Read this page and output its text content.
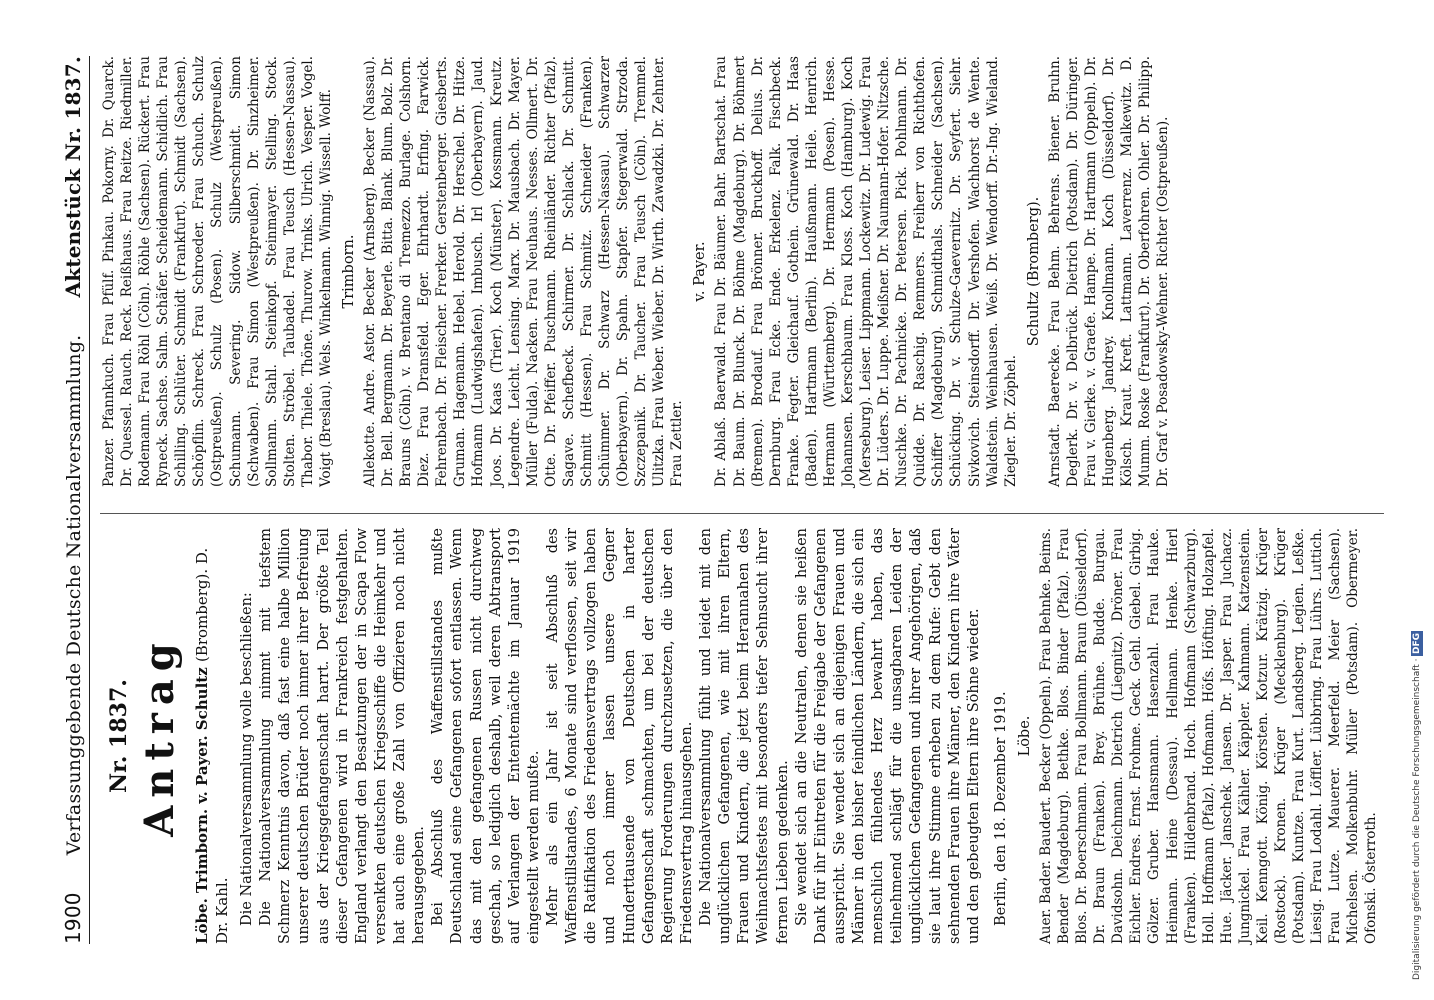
1900
Verfassunggebende Deutsche Nationalversammlung.
Aktenstück Nr. 1837.
Nr. 1837. Antrag Löbe. Trimborn. v. Payer. Schultz (Bromberg). D. Dr. Kahl. Die Nationalversammlung wolle beschließen: Die Nationalversammlung nimmt mit tiefstem Schmerz Kenntnis davon, daß fast eine halbe Million unserer deutschen Brüder noch immer ihrer Befreiung aus der Kriegsgefangenschaft harrt. Der größte Teil dieser Gefangenen wird in Frankreich festgehalten. England verlangt den Besatzungen der in Scapa Flow versenkten deutschen Kriegsschiffe die Heimkehr und hat auch eine große Zahl von Offizieren noch nicht herausgegeben. Bei Abschluß des Waffenstillstandes mußte Deutschland seine Gefangenen sofort entlassen. Wenn das mit den gefangenen Russen nicht durchweg geschah, so lediglich deshalb, weil deren Abtransport auf Verlangen der Ententemächte im Januar 1919 eingestellt werden mußte. Mehr als ein Jahr ist seit Abschluß des Waffenstillstandes, 6 Monate sind verflossen, seit wir die Ratifikation des Friedensvertrags vollzogen haben und noch immer lassen unsere Gegner Hunderttausende von Deutschen in harter Gefangenschaft schmachten, um bei der deutschen Regierung Forderungen durchzusetzen, die über den Friedensvertrag hinausgehen. Die Nationalversammlung fühlt und leidet mit den unglücklichen Gefangenen, wie mit ihren Eltern, Frauen und Kindern, die jetzt beim Herannahen des Weihnachtsfestes mit besonders tiefer Sehnsucht ihrer fernen Lieben gedenken. Sie wendet sich an die Neutralen, denen sie heißen Dank für ihr Eintreten für die Freigabe der Gefangenen ausspricht. Sie wendet sich an diejenigen Frauen und Männer in den bisher feindlichen Ländern, die sich ein menschlich fühlendes Herz bewahrt haben, das teilnehmend schlägt für die unsagbaren Leiden der unglücklichen Gefangenen und ihrer Angehörigen, daß sie laut ihre Stimme erheben zu dem Rufe: Gebt den sehnenden Frauen ihre Männer, den Kindern ihre Väter und den gebeugten Eltern ihre Söhne wieder. Berlin, den 18. Dezember 1919. Löbe. Auer. Bader. Baudert. Becker (Oppeln). Frau Behnke. Beims. Bender (Magdeburg). Bethke. Blos. Binder (Pfalz). Frau Blos. Dr. Boerschmann. Frau Bollmann. Braun (Düsseldorf). Dr. Braun (Franken). Brey. Brühne. Budde. Burgau. Davidsohn. Deichmann. Dietrich (Liegnitz). Dröner. Frau Eichler. Endres. Ernst. Frohme. Geck. Gehl. Giebel. Girbig. Gölzer. Gruber. Hansmann. Hasenzahl. Frau Hauke. Heimann. Heine (Dessau). Hellmann. Henke. Hierl (Franken). Hildenbrand. Hoch. Hofmann (Schwarzburg). Holl. Hoffmann (Pfalz). Hofmann. Höfs. Höfting. Holzapfel. Hue. Jäcker. Janschek. Jansen. Dr. Jasper. Frau Juchacz. Jungnickel. Frau Kähler. Käppler. Kahmann. Katzenstein. Keil. Kenngott. König. Körsten. Kotzur. Krätzig. Krüger (Rostock). Kronen. Krüger (Mecklenburg). Krüger (Potsdam). Kuntze. Frau Kurt. Landsberg. Legien. Leßke. Liesig. Frau Lodahl. Löffler. Lübbring. Frau Lührs. Luttich. Frau Lutze. Mauerer. Meerfeld. Meier (Sachsen). Michelsen. Molkenbuhr. Müller (Potsdam). Obermeyer. Ofonski. Österroth.

Panzer. Pfannkuch. Frau Pfülf. Pinkau. Pokorny. Dr. Quarck. Dr. Quessel. Rauch. Reck. Reißhaus. Frau Reitze. Riedmiller. Rodemann. Frau Röhl (Cöln). Röhle (Sachsen). Rückert. Frau Ryneck. Sachse. Salm. Schäfer. Scheidemann. Schidlich. Frau Schilling. Schlüter. Schmidt (Frankfurt). Schmidt (Sachsen). Schöpflin. Schreck. Frau Schroeder. Frau Schuch. Schulz (Ostpreußen). Schulz (Posen). Schulz (Westpreußen). Schumann. Severing. Sidow. Silberschmidt. Simon (Schwaben). Frau Simon (Westpreußen). Dr. Sinzheimer. Sollmann. Stahl. Steinkopf. Steinmayer. Stelling. Stock. Stolten. Ströbel. Taubadel. Frau Teusch (Hessen-Nassau). Thabor. Thiele. Thöne. Thurow. Trinks. Ulrich. Vesper. Vogel. Voigt (Breslau). Wels. Winkelmann. Winnig. Wissell. Wolff. Trimborn. Allekotte. Andre. Astor. Becker (Arnsberg). Becker (Nassau). Dr. Bell. Bergmann. Dr. Beyerle. Bitta. Blank. Blum. Bolz. Dr. Brauns (Cöln). v. Brentano di Tremezzo. Burlage. Colshorn. Diez. Frau Dransfeld. Eger. Ehrhardt. Erfing. Farwick. Fehrenbach. Dr. Fleischer. Frerker. Gerstenberger. Giesberts. Gruman. Hagemann. Hebel. Herold. Dr. Herschel. Dr. Hitze. Hofmann (Ludwigshafen). Imbusch. Irl (Oberbayern). Jaud. Joos. Dr. Kaas (Trier). Koch (Münster). Kossmann. Kreutz. Legendre. Leicht. Lensing. Marx. Dr. Mausbach. Dr. Mayer. Müller (Fulda). Nacken. Frau Neuhaus. Nesses. Ollmert. Dr. Otte. Dr. Pfeiffer. Puschmann. Rheinländer. Richter (Pfalz). Sagave. Schefbeck. Schirmer. Dr. Schlack. Dr. Schmitt. Schmitt (Hessen). Frau Schmitz. Schneider (Franken). Schümmer. Dr. Schwarz (Hessen-Nassau). Schwarzer (Oberbayern). Dr. Spahn. Stapfer. Stegerwald. Strzoda. Szczepanik. Dr. Taucher. Frau Teusch (Cöln). Tremmel. Ulitzka. Frau Weber. Wieber. Dr. Wirth. Zawadzki. Dr. Zehnter. Frau Zettler.

v. Payer. Dr. Ablaß. Baerwald. Frau Dr. Bäumer. Bahr. Bartschat. Frau Dr. Baum. Dr. Blunck. Dr. Böhme (Magdeburg). Dr. Böhmert (Bremen). Brodauf. Frau Brönner. Bruckhoff. Delius. Dr. Dernburg. Frau Ecke. Ende. Erkelenz. Falk. Fischbeck. Franke. Fegter. Gleichauf. Gothein. Grünewald. Dr. Haas (Baden). Hartmann (Berlin). Haußmann. Heile. Henrich. Hermann (Württemberg). Dr. Hermann (Posen). Hesse. Johannsen. Kerschbaum. Frau Kloss. Koch (Hamburg). Koch (Merseburg). Leiser. Lippmann. Lockewitz. Dr. Ludewig. Frau Dr. Lüders. Dr. Luppe. Meißner. Dr. Naumann-Hofer. Nitzsche. Nuschke. Dr. Pachnicke. Dr. Petersen. Pick. Pohlmann. Dr. Quidde. Dr. Raschig. Remmers. Freiherr von Richthofen. Schiffer (Magdeburg). Schmidthals. Schneider (Sachsen). Schücking. Dr. v. Schulze-Gaevernitz. Dr. Seyfert. Siehr. Sivkovich. Steinsdorff. Dr. Vershofen. Wachhorst de Wente. Waldstein. Weinhausen. Weiß. Dr. Wendorff. Dr.-Ing. Wieland. Ziegler. Dr. Zöphel.

Schultz (Bromberg). Arnstadt. Baerecke. Frau Behm. Behrens. Biener. Bruhn. Deglerk. Dr. v. Delbrück. Dietrich (Potsdam). Dr. Düringer. Frau v. Gierke. v. Graefe. Hampe. Dr. Hartmann (Oppeln). Dr. Hugenberg. Jandrey. Knollmann. Koch (Düsseldorf). Dr. Kölsch. Kraut. Kreft. Lattmann. Laverrenz. Malkewitz. D. Mumm. Roske (Frankfurt). Dr. Oberfohren. Ohler. Dr. Philipp. Dr. Graf v. Posadowsky-Wehner. Richter (Ostpreußen).

Digitalisierung gefördert durch die Deutsche Forschungsgemeinschaft · DFG
